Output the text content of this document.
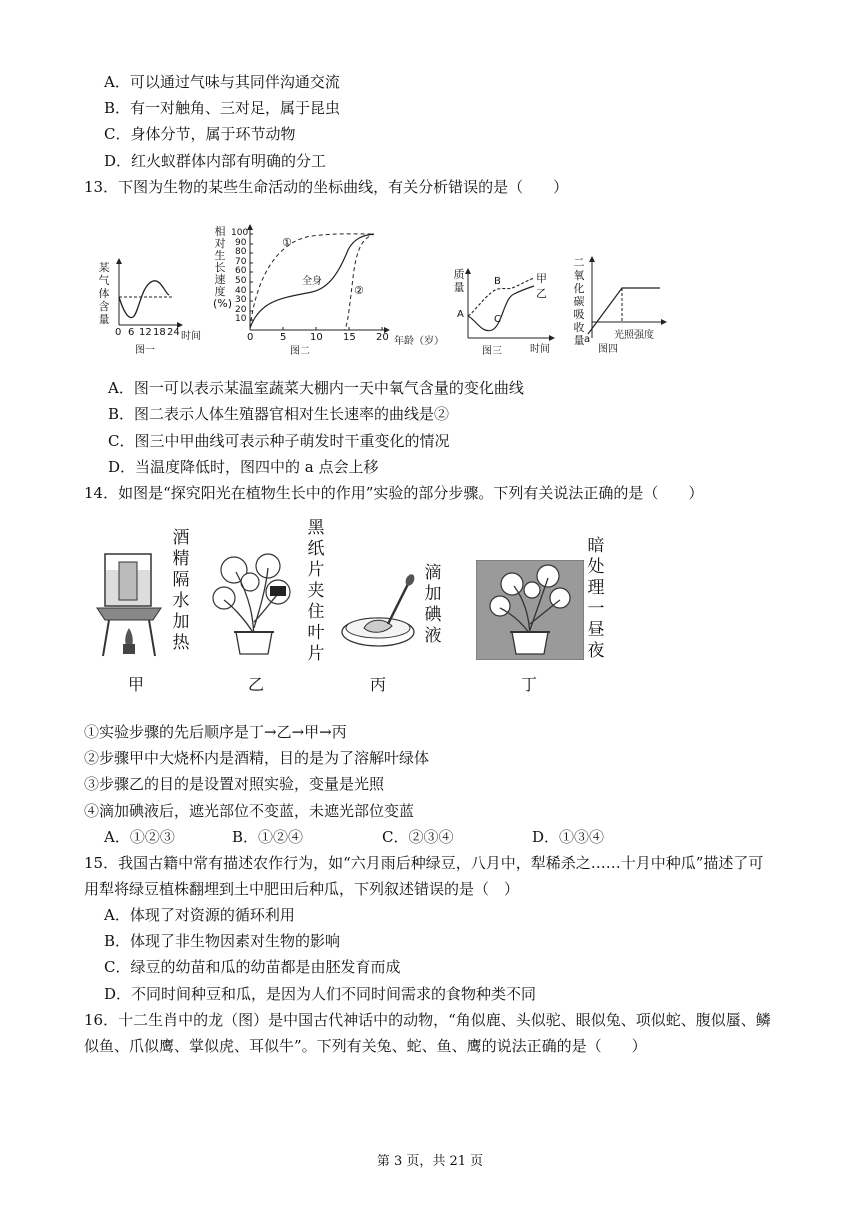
A．可以通过气味与其同伴沟通交流
B．有一对触角、三对足，属于昆虫
C．身体分节，属于环节动物
D．红火蚁群体内部有明确的分工
13．下图为生物的某些生命活动的坐标曲线，有关分析错误的是（　　）
某气体含量
0 6 12 18 24 时间
图一
相对生长速度(%)
100
90
80
70
60
50
40
30
20
10
0	5 10 15 20 年龄（岁）
①
②
全身
图二
质量
A
B
C
甲
乙
时间
图三
二氧化碳吸收量 a 光照强度
图四
A．图一可以表示某温室蔬菜大棚内一天中氧气含量的变化曲线
B．图二表示人体生殖器官相对生长速率的曲线是②
C．图三中甲曲线可表示种子萌发时干重变化的情况
D．当温度降低时，图四中的 a 点会上移
14．如图是“探究阳光在植物生长中的作用”实验的部分步骤。下列有关说法正确的是（　　）
酒精隔水加热
甲
黑纸片夹住叶片
乙
滴加碘液
丙
暗处理一昼夜
丁
①实验步骤的先后顺序是丁→乙→甲→丙
②步骤甲中大烧杯内是酒精，目的是为了溶解叶绿体
③步骤乙的目的是设置对照实验，变量是光照
④滴加碘液后，遮光部位不变蓝，未遮光部位变蓝
A．①②③	B．①②④	C．②③④	D．①③④
15．我国古籍中常有描述农作行为，如“六月雨后种绿豆，八月中，犁稀杀之……十月中种瓜”描述了可
用犁将绿豆植株翻埋到土中肥田后种瓜，下列叙述错误的是（　）
A．体现了对资源的循环利用
B．体现了非生物因素对生物的影响
C．绿豆的幼苗和瓜的幼苗都是由胚发育而成
D．不同时间种豆和瓜，是因为人们不同时间需求的食物种类不同
16．十二生肖中的龙（图）是中国古代神话中的动物，“角似鹿、头似驼、眼似兔、项似蛇、腹似蜃、鳞
似鱼、爪似鹰、掌似虎、耳似牛”。下列有关兔、蛇、鱼、鹰的说法正确的是（　　）
第 3 页，共 21 页
